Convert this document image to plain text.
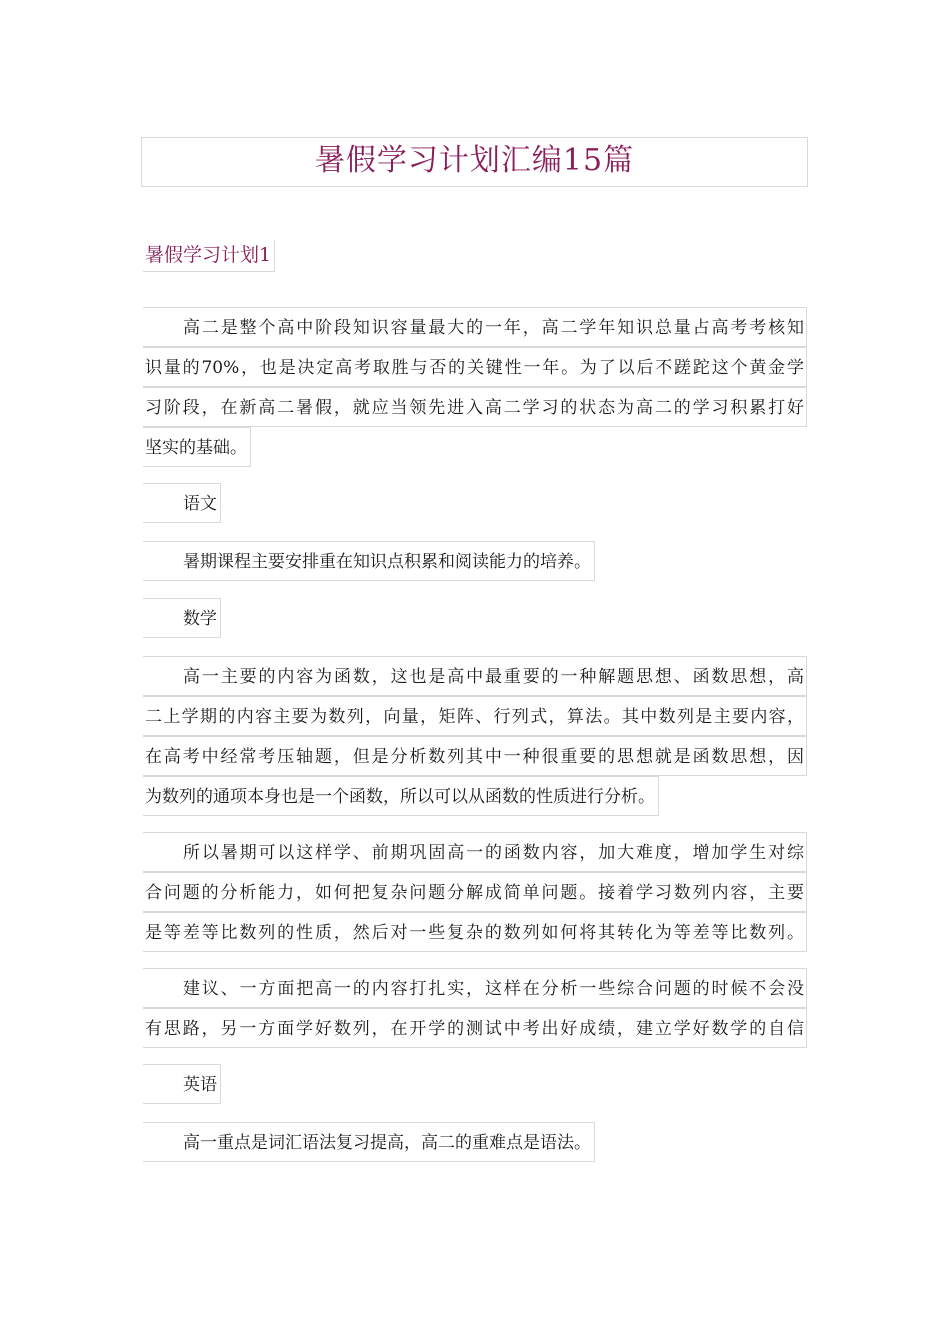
暑假学习计划汇编15篇
暑假学习计划1
高二是整个高中阶段知识容量最大的一年，高二学年知识总量占高考考核知
识量的70%，也是决定高考取胜与否的关键性一年。为了以后不蹉跎这个黄金学
习阶段，在新高二暑假，就应当领先进入高二学习的状态为高二的学习积累打好
坚实的基础。
语文
暑期课程主要安排重在知识点积累和阅读能力的培养。
数学
高一主要的内容为函数，这也是高中最重要的一种解题思想、函数思想，高
二上学期的内容主要为数列，向量，矩阵、行列式，算法。其中数列是主要内容，
在高考中经常考压轴题，但是分析数列其中一种很重要的思想就是函数思想，因
为数列的通项本身也是一个函数，所以可以从函数的性质进行分析。
所以暑期可以这样学、前期巩固高一的函数内容，加大难度，增加学生对综
合问题的分析能力，如何把复杂问题分解成简单问题。接着学习数列内容，主要
是等差等比数列的性质，然后对一些复杂的数列如何将其转化为等差等比数列。
建议、一方面把高一的内容打扎实，这样在分析一些综合问题的时候不会没
有思路，另一方面学好数列，在开学的测试中考出好成绩，建立学好数学的自信
英语
高一重点是词汇语法复习提高，高二的重难点是语法。
